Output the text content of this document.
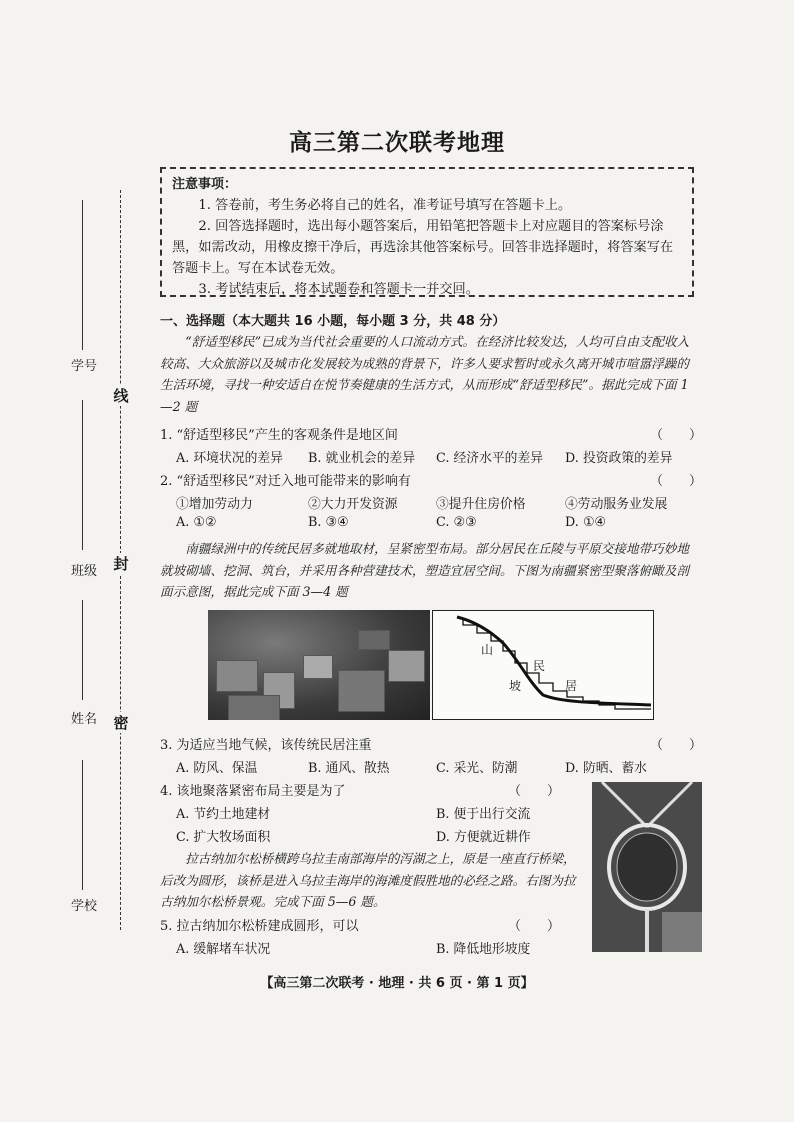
高三第二次联考地理
学号
班级
姓名
学校
线
封
密
注意事项：

1. 答卷前，考生务必将自己的姓名，准考证号填写在答题卡上。

2. 回答选择题时，选出每小题答案后，用铅笔把答题卡上对应题目的答案标号涂黑，如需改动，用橡皮擦干净后，再选涂其他答案标号。回答非选择题时，将答案写在答题卡上。写在本试卷无效。

3. 考试结束后，将本试题卷和答题卡一并交回。

一、选择题（本大题共 16 小题，每小题 3 分，共 48 分）
“舒适型移民”已成为当代社会重要的人口流动方式。在经济比较发达，人均可自由支配收入较高、大众旅游以及城市化发展较为成熟的背景下，许多人要求暂时或永久离开城市喧嚣浮躁的生活环境，寻找一种安适自在悦节奏健康的生活方式，从而形成“舒适型移民”。据此完成下面 1—2 题
1. “舒适型移民”产生的客观条件是地区间	（　　）
A. 环境状况的差异 B. 就业机会的差异 C. 经济水平的差异 D. 投资政策的差异
2. “舒适型移民”对迁入地可能带来的影响有	（　　）
①增加劳动力	②大力开发资源	③提升住房价格	④劳动服务业发展
A. ①②	B. ③④	C. ②③	D. ①④
南疆绿洲中的传统民居多就地取材，呈紧密型布局。部分居民在丘陵与平原交接地带巧妙地就坡砌墙、挖洞、筑台，并采用各种营建技术，塑造宜居空间。下图为南疆紧密型聚落俯瞰及剖面示意图，据此完成下面 3—4 题
山
坡
民
居
3. 为适应当地气候，该传统民居注重	（　　）
A. 防风、保温	B. 通风、散热	C. 采光、防潮	D. 防晒、蓄水
4. 该地聚落紧密布局主要是为了	（　　）
A. 节约土地建材	B. 便于出行交流
C. 扩大牧场面积	D. 方便就近耕作
拉古纳加尔松桥横跨乌拉圭南部海岸的泻湖之上，原是一座直行桥梁，后改为圆形，该桥是进入乌拉圭海岸的海滩度假胜地的必经之路。右图为拉古纳加尔松桥景观。完成下面 5—6 题。
5. 拉古纳加尔松桥建成圆形，可以	（　　）
A. 缓解堵车状况	B. 降低地形坡度
【高三第二次联考 · 地理 · 共 6 页 · 第 1 页】
